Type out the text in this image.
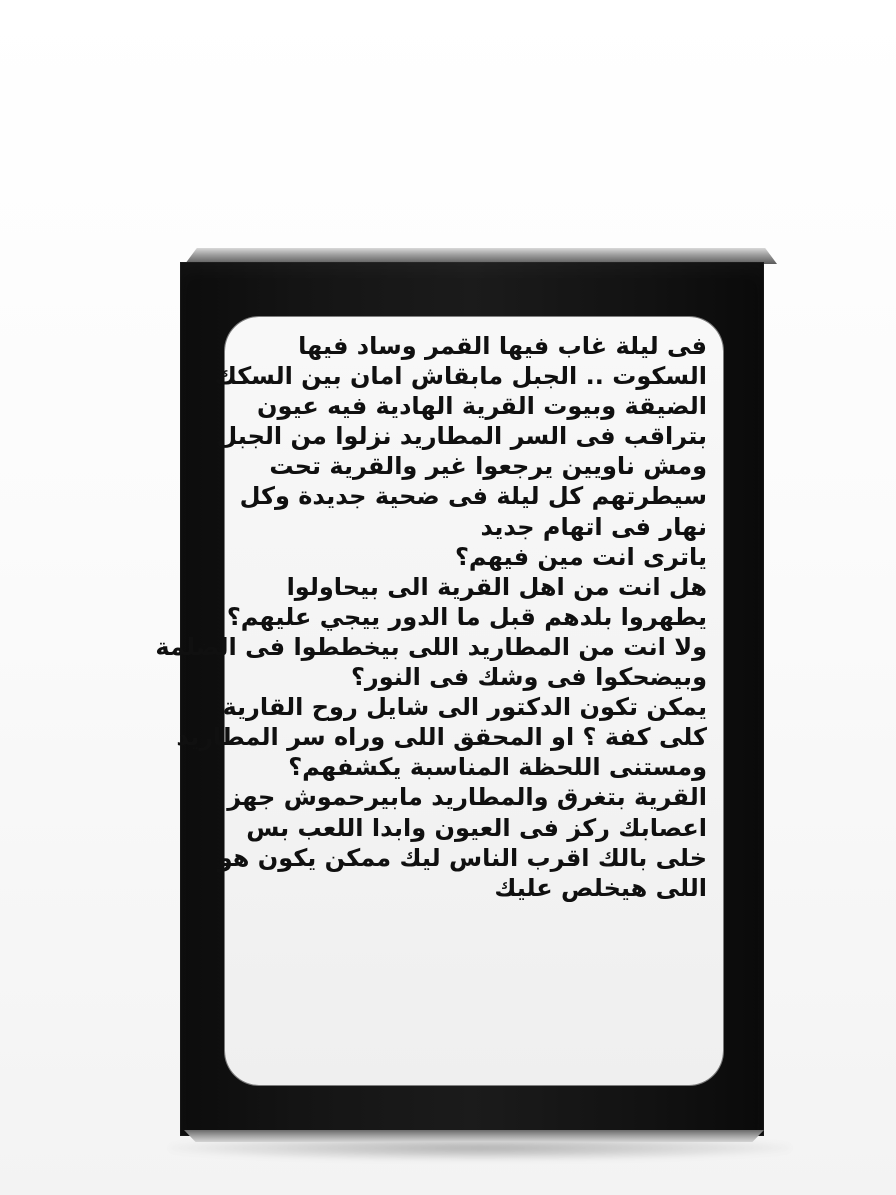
فى ليلة غاب فيها القمر وساد فيها
السكوت .. الجبل مابقاش امان بين السكك
الضيقة وبيوت القرية الهادية فيه عيون
بتراقب فى السر المطاريد نزلوا من الجبل
ومش ناويين يرجعوا غير والقرية تحت
سيطرتهم كل ليلة فى ضحية جديدة وكل
نهار فى اتهام جديد
ياترى انت مين فيهم؟
هل انت من اهل القرية الى بيحاولوا
يطهروا بلدهم قبل ما الدور ييجي عليهم؟
ولا انت من المطاريد اللى بيخططوا فى الضلمة
وبيضحكوا فى وشك فى النور؟
يمكن تكون الدكتور الى شايل روح القارية
كلى كفة ؟ او المحقق اللى وراه سر المطاريد
ومستنى اللحظة المناسبة يكشفهم؟
القرية بتغرق والمطاريد مابيرحموش جهز
اعصابك ركز فى العيون وابدا اللعب بس
خلى بالك اقرب الناس ليك ممكن يكون هو
اللى هيخلص عليك
